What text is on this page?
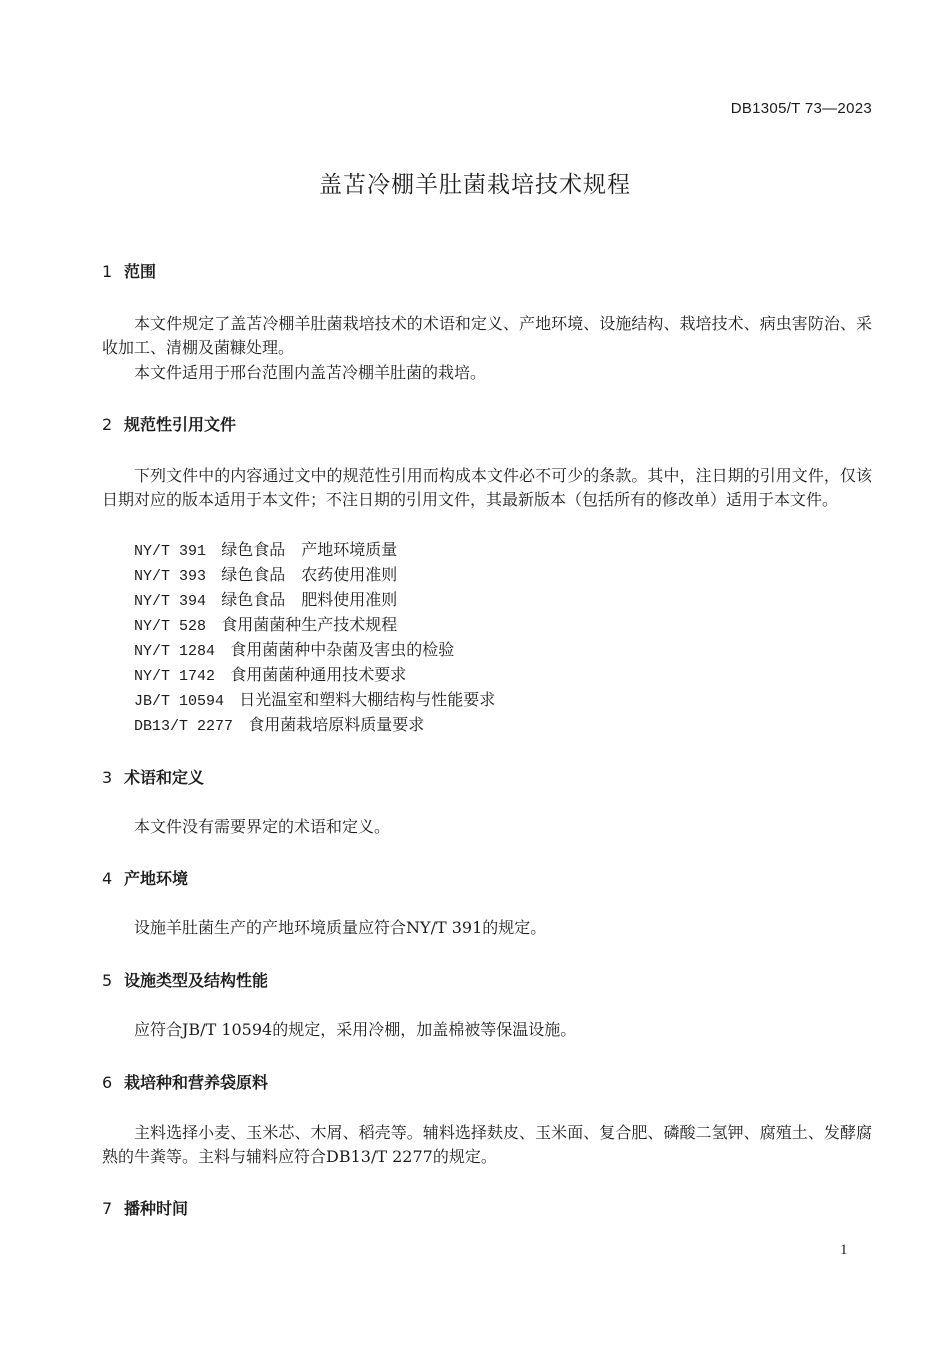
DB1305/T 73—2023
盖苫冷棚羊肚菌栽培技术规程
1 范围
本文件规定了盖苫冷棚羊肚菌栽培技术的术语和定义、产地环境、设施结构、栽培技术、病虫害防治、采收加工、清棚及菌糠处理。
本文件适用于邢台范围内盖苫冷棚羊肚菌的栽培。
2 规范性引用文件
下列文件中的内容通过文中的规范性引用而构成本文件必不可少的条款。其中，注日期的引用文件，仅该日期对应的版本适用于本文件；不注日期的引用文件，其最新版本（包括所有的修改单）适用于本文件。
NY/T 391 绿色食品　产地环境质量
NY/T 393 绿色食品　农药使用准则
NY/T 394 绿色食品　肥料使用准则
NY/T 528 食用菌菌种生产技术规程
NY/T 1284 食用菌菌种中杂菌及害虫的检验
NY/T 1742 食用菌菌种通用技术要求
JB/T 10594 日光温室和塑料大棚结构与性能要求
DB13/T 2277 食用菌栽培原料质量要求
3 术语和定义
本文件没有需要界定的术语和定义。
4 产地环境
设施羊肚菌生产的产地环境质量应符合NY/T 391的规定。
5 设施类型及结构性能
应符合JB/T 10594的规定，采用冷棚，加盖棉被等保温设施。
6 栽培种和营养袋原料
主料选择小麦、玉米芯、木屑、稻壳等。辅料选择麸皮、玉米面、复合肥、磷酸二氢钾、腐殖土、发酵腐熟的牛粪等。主料与辅料应符合DB13/T 2277的规定。
7 播种时间
1
